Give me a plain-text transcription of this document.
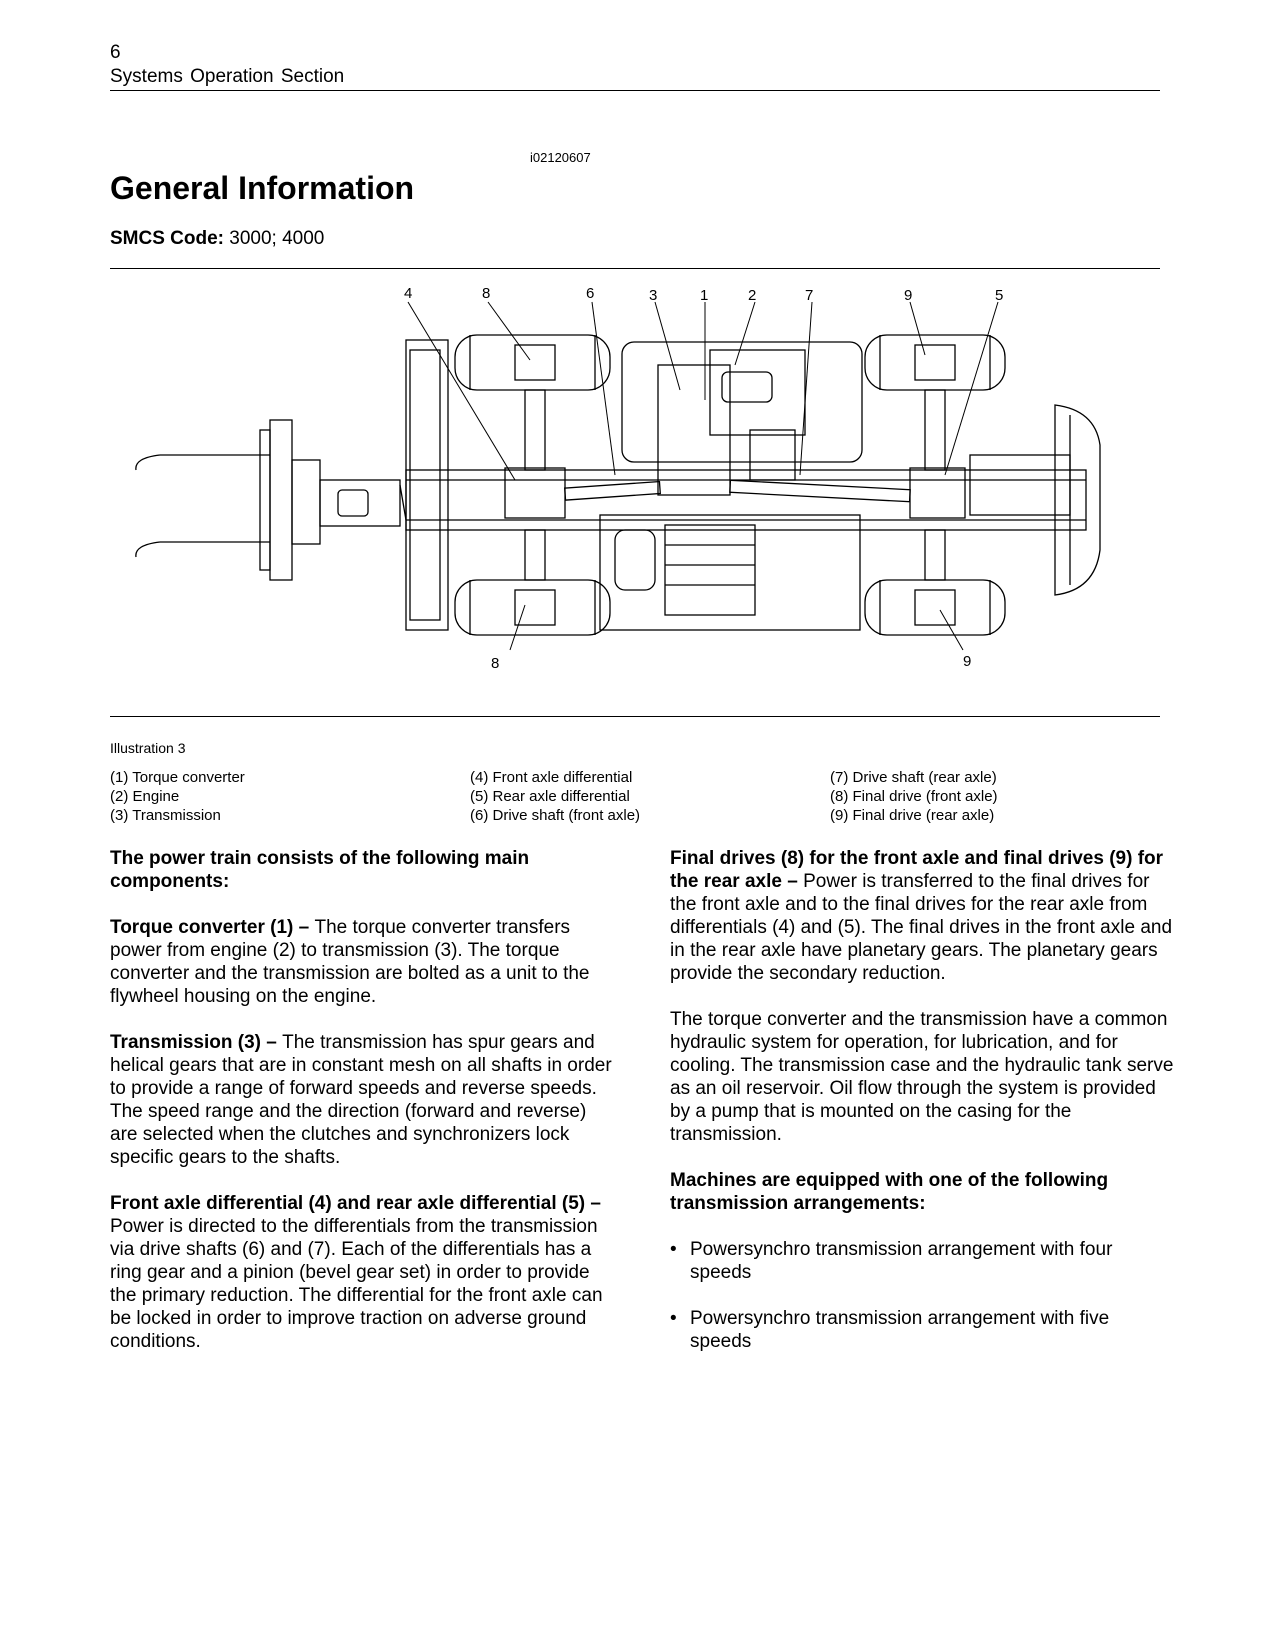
6
Systems Operation Section
i02120607
General Information
SMCS Code: 3000; 4000
4	8	6	3	1	2	7	9	5
8	9
Illustration 3
(1) Torque converter
(2) Engine
(3) Transmission
(4) Front axle differential
(5) Rear axle differential
(6) Drive shaft (front axle)
(7) Drive shaft (rear axle)
(8) Final drive (front axle)
(9) Final drive (rear axle)

The power train consists of the following main components:

Torque converter (1) – The torque converter transfers power from engine (2) to transmission (3). The torque converter and the transmission are bolted as a unit to the flywheel housing on the engine.

Transmission (3) – The transmission has spur gears and helical gears that are in constant mesh on all shafts in order to provide a range of forward speeds and reverse speeds. The speed range and the direction (forward and reverse) are selected when the clutches and synchronizers lock specific gears to the shafts.

Front axle differential (4) and rear axle differential (5) – Power is directed to the differentials from the transmission via drive shafts (6) and (7). Each of the differentials has a ring gear and a pinion (bevel gear set) in order to provide the primary reduction. The differential for the front axle can be locked in order to improve traction on adverse ground conditions.

Final drives (8) for the front axle and final drives (9) for the rear axle – Power is transferred to the final drives for the front axle and to the final drives for the rear axle from differentials (4) and (5). The final drives in the front axle and in the rear axle have planetary gears. The planetary gears provide the secondary reduction.

The torque converter and the transmission have a common hydraulic system for operation, for lubrication, and for cooling. The transmission case and the hydraulic tank serve as an oil reservoir. Oil flow through the system is provided by a pump that is mounted on the casing for the transmission.

Machines are equipped with one of the following transmission arrangements:

• Powersynchro transmission arrangement with four speeds
• Powersynchro transmission arrangement with five speeds
